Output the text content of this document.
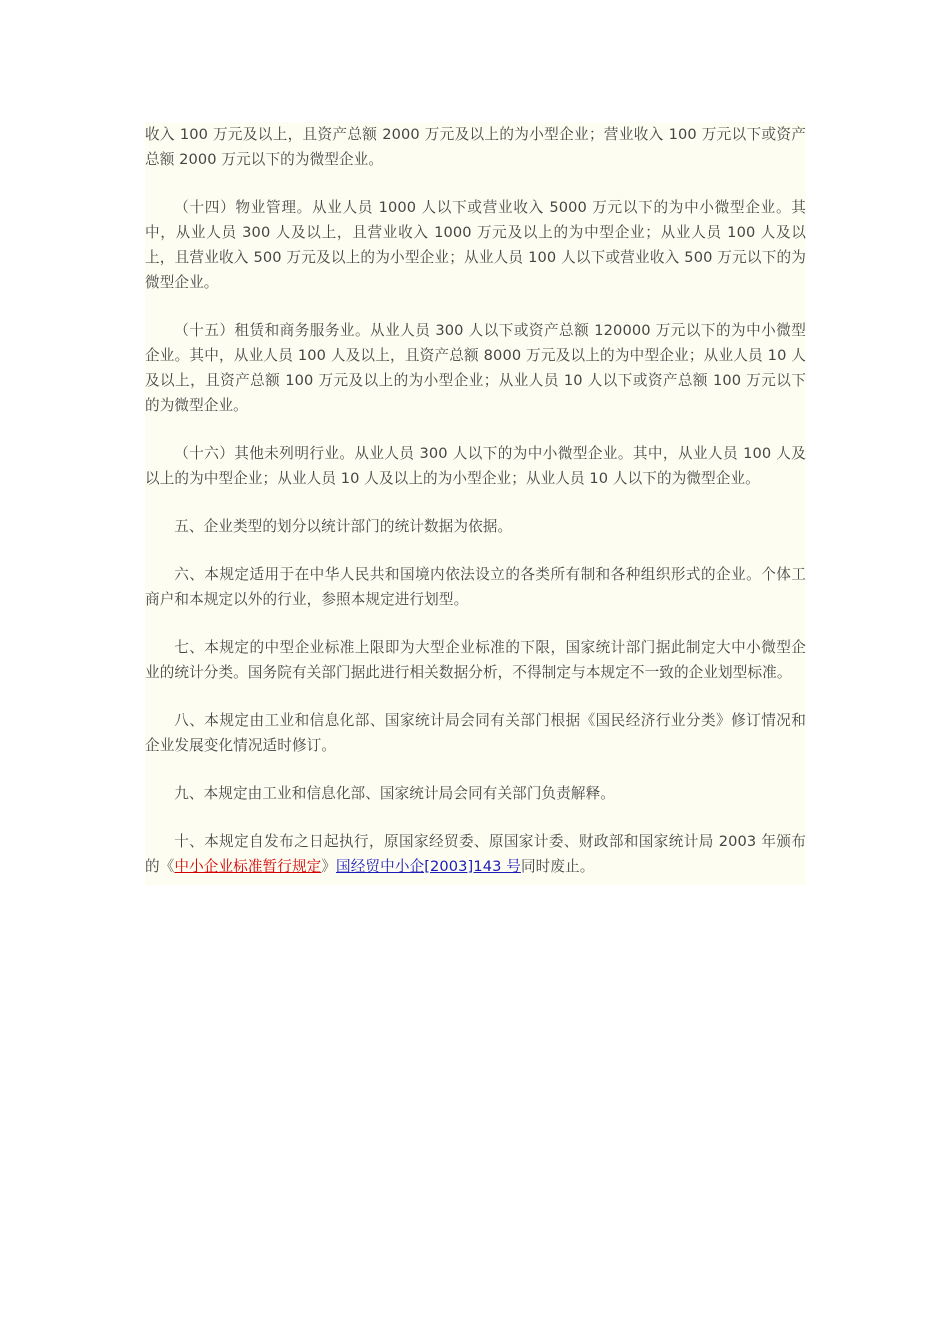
收入 100 万元及以上，且资产总额 2000 万元及以上的为小型企业；营业收入 100 万元以下或资产总额 2000 万元以下的为微型企业。

（十四）物业管理。从业人员 1000 人以下或营业收入 5000 万元以下的为中小微型企业。其中，从业人员 300 人及以上，且营业收入 1000 万元及以上的为中型企业；从业人员 100 人及以上，且营业收入 500 万元及以上的为小型企业；从业人员 100 人以下或营业收入 500 万元以下的为微型企业。

（十五）租赁和商务服务业。从业人员 300 人以下或资产总额 120000 万元以下的为中小微型企业。其中，从业人员 100 人及以上，且资产总额 8000 万元及以上的为中型企业；从业人员 10 人及以上，且资产总额 100 万元及以上的为小型企业；从业人员 10 人以下或资产总额 100 万元以下的为微型企业。

（十六）其他未列明行业。从业人员 300 人以下的为中小微型企业。其中，从业人员 100 人及以上的为中型企业；从业人员 10 人及以上的为小型企业；从业人员 10 人以下的为微型企业。

五、企业类型的划分以统计部门的统计数据为依据。

六、本规定适用于在中华人民共和国境内依法设立的各类所有制和各种组织形式的企业。个体工商户和本规定以外的行业，参照本规定进行划型。

七、本规定的中型企业标准上限即为大型企业标准的下限，国家统计部门据此制定大中小微型企业的统计分类。国务院有关部门据此进行相关数据分析，不得制定与本规定不一致的企业划型标准。

八、本规定由工业和信息化部、国家统计局会同有关部门根据《国民经济行业分类》修订情况和企业发展变化情况适时修订。

九、本规定由工业和信息化部、国家统计局会同有关部门负责解释。

十、本规定自发布之日起执行，原国家经贸委、原国家计委、财政部和国家统计局 2003 年颁布的《中小企业标准暂行规定》国经贸中小企[2003]143 号同时废止。
